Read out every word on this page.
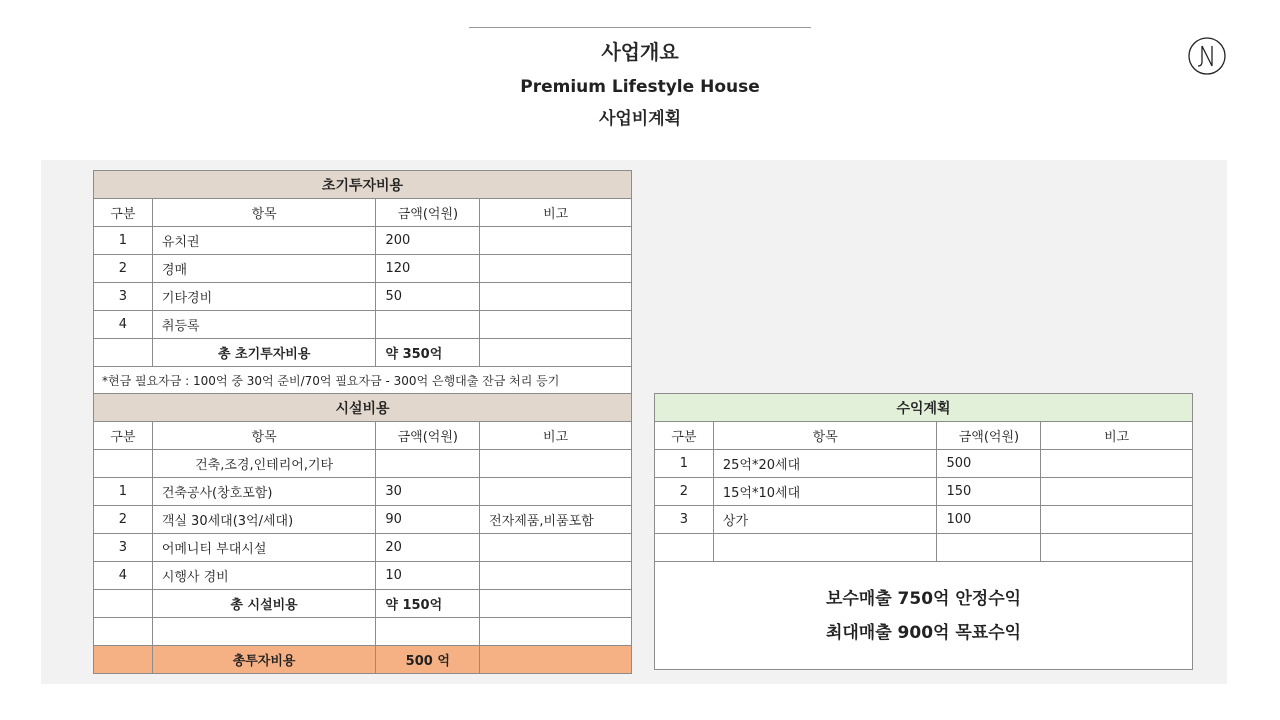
사업개요
Premium Lifestyle House
사업비계획
초기투자비용			
구분	항목	금액(억원)	비고
1	유치권	200	
2	경매	120	
3	기타경비	50	
4	취등록		
	총 초기투자비용	약 350억	
*현금 필요자금 : 100억 중 30억 준비/70억 필요자금 - 300억 은행대출 잔금 처리 등기			
시설비용			
구분	항목	금액(억원)	비고
	건축,조경,인테리어,기타		
1	건축공사(창호포함)	30	
2	객실 30세대(3억/세대)	90	전자제품,비품포함
3	어메니티 부대시설	20	
4	시행사 경비	10	
	총 시설비용	약 150억	

	총투자비용	500 억	
수익계획			
구분	항목	금액(억원)	비고
1	25억*20세대	500	
2	15억*10세대	150	
3	상가	100	

보수매출 750억 안정수익
최대매출 900억 목표수익			
